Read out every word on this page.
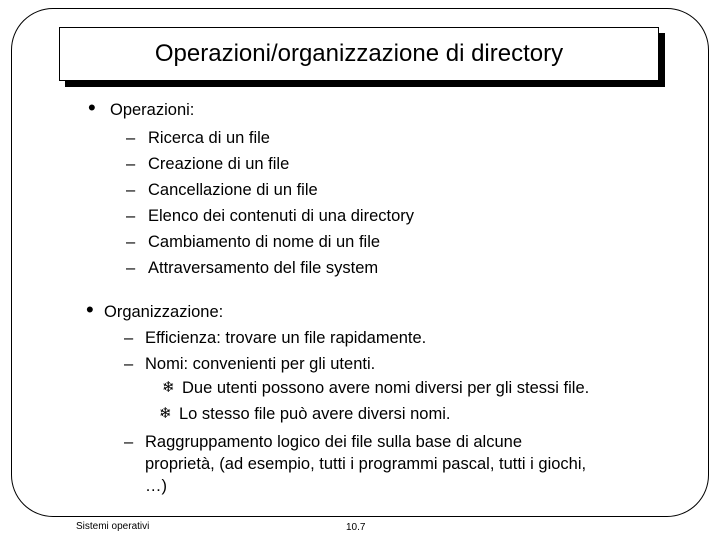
Operazioni/organizzazione di directory
• Operazioni:
– Ricerca di un file
– Creazione di un file
– Cancellazione di un file
– Elenco dei contenuti di una directory
– Cambiamento di nome di un file
– Attraversamento del file system
• Organizzazione:
– Efficienza: trovare un file rapidamente.
– Nomi: convenienti per gli utenti.
❄ Due utenti possono avere nomi diversi per gli stessi file.
❄ Lo stesso file può avere diversi nomi.
– Raggruppamento logico dei file sulla base di alcune
proprietà, (ad esempio, tutti i programmi pascal, tutti i giochi,
…)
Sistemi operativi	10.7
